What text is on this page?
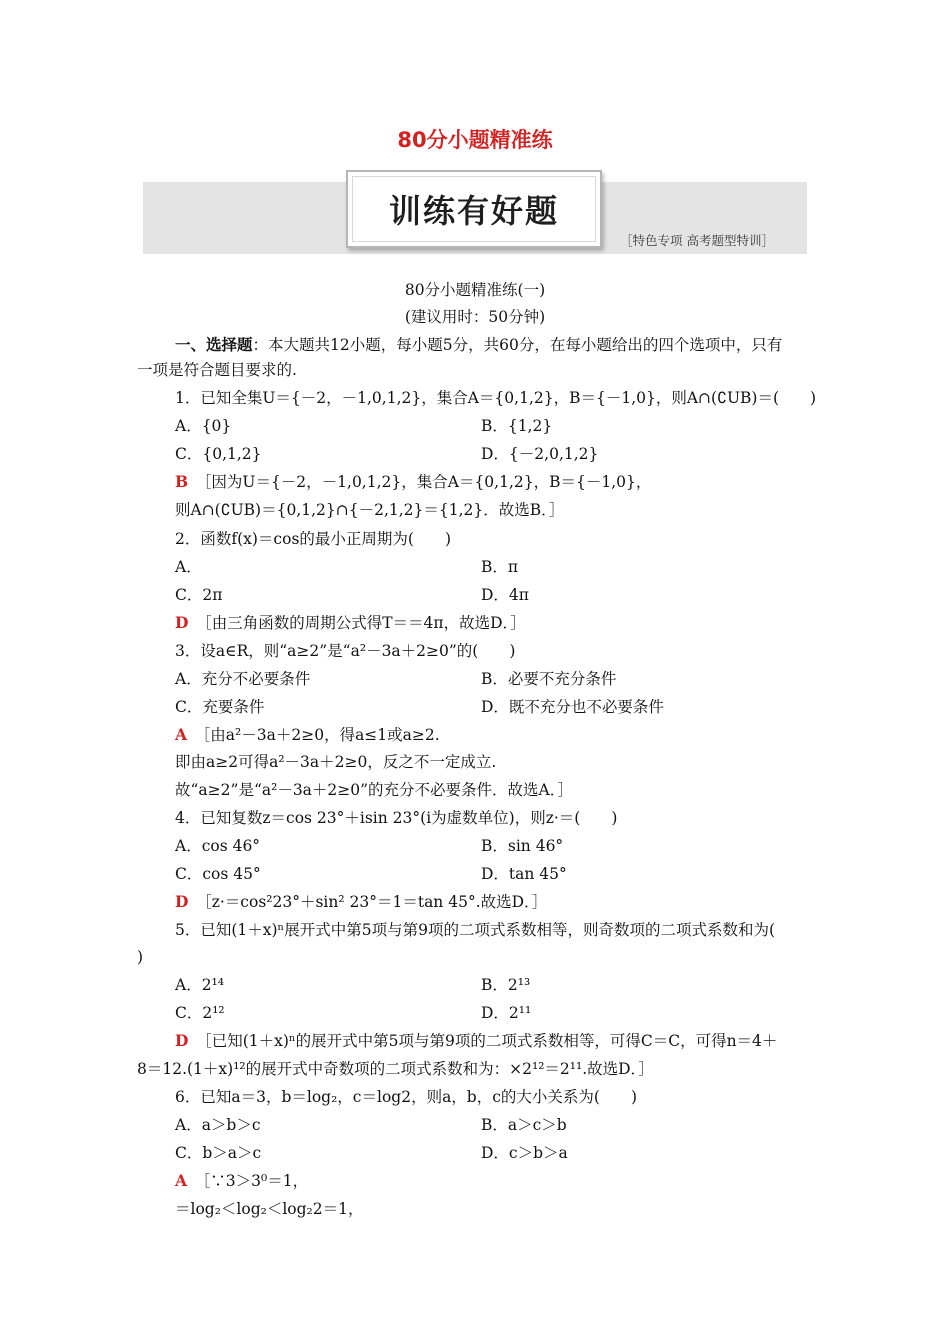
80分小题精准练
训练有好题
［特色专项 高考题型特训］
80分小题精准练(一)
(建议用时：50分钟)
一、选择题：本大题共12小题，每小题5分，共60分，在每小题给出的四个选项中，只有
一项是符合题目要求的.
1．已知全集U＝{－2，－1,0,1,2}，集合A＝{0,1,2}，B＝{－1,0}，则A∩(∁UB)＝(　　)
A．{0}	B．{1,2}
C．{0,1,2}	D．{－2,0,1,2}
B　 ［因为U＝{－2，－1,0,1,2}，集合A＝{0,1,2}，B＝{－1,0}，
则A∩(∁UB)＝{0,1,2}∩{－2,1,2}＝{1,2}．故选B．］
2．函数f(x)＝cos的最小正周期为(　　)
A．	B．π
C．2π	D．4π
D　 ［由三角函数的周期公式得T＝＝4π，故选D．］
3．设a∈R，则“a≥2”是“a²－3a＋2≥0”的(　　)
A．充分不必要条件	B．必要不充分条件
C．充要条件	D．既不充分也不必要条件
A　 ［由a²－3a＋2≥0，得a≤1或a≥2.
即由a≥2可得a²－3a＋2≥0，反之不一定成立.
故“a≥2”是“a²－3a＋2≥0”的充分不必要条件．故选A．］
4．已知复数z＝cos 23°＋isin 23°(i为虚数单位)，则z·＝(　　)
A．cos 46°	B．sin 46°
C．cos 45°	D．tan 45°
D　 ［z·＝cos²23°＋sin² 23°＝1＝tan 45°.故选D．］
5．已知(1＋x)ⁿ展开式中第5项与第9项的二项式系数相等，则奇数项的二项式系数和为(
)
A．2¹⁴	B．2¹³
C．2¹²	D．2¹¹
D　 ［已知(1＋x)ⁿ的展开式中第5项与第9项的二项式系数相等，可得C＝C，可得n＝4＋
8＝12.(1＋x)¹²的展开式中奇数项的二项式系数和为：×2¹²＝2¹¹.故选D．］
6．已知a＝3，b＝log₂，c＝log2，则a，b，c的大小关系为(　　)
A．a＞b＞c	B．a＞c＞b
C．b＞a＞c	D．c＞b＞a
A　 ［∵3＞3⁰＝1，
＝log₂＜log₂＜log₂2＝1，
